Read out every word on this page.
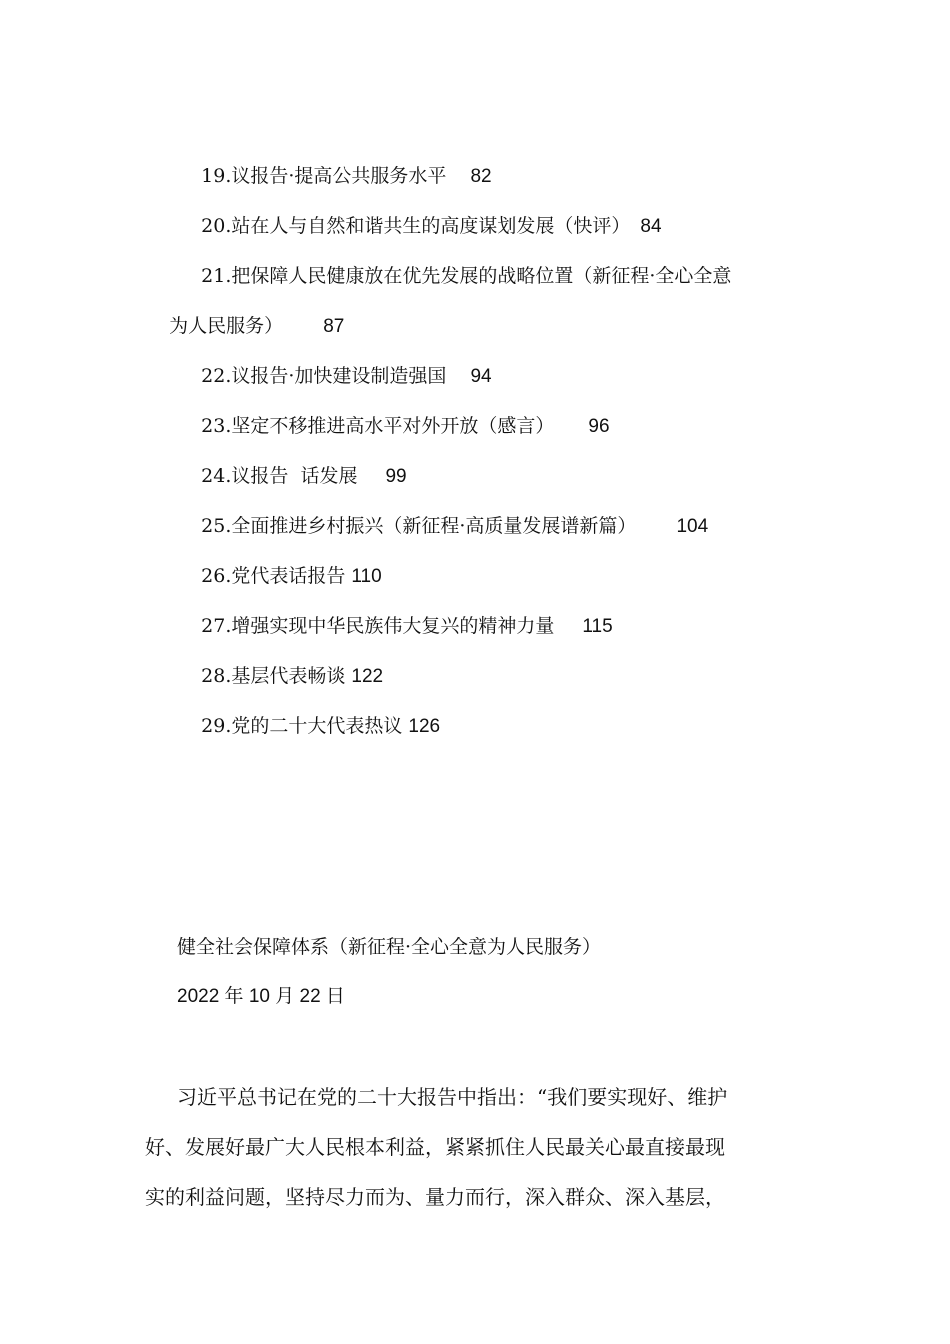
19.议报告·提高公共服务水平 82

20.站在人与自然和谐共生的高度谋划发展（快评） 84

21.把保障人民健康放在优先发展的战略位置（新征程·全心全意

为人民服务） 87

22.议报告·加快建设制造强国 94

23.坚定不移推进高水平对外开放（感言） 96

24.议报告  话发展 99

25.全面推进乡村振兴（新征程·高质量发展谱新篇） 104

26.党代表话报告 110

27.增强实现中华民族伟大复兴的精神力量 115

28.基层代表畅谈 122

29.党的二十大代表热议 126

健全社会保障体系（新征程·全心全意为人民服务）
2022 年 10 月 22 日
习近平总书记在党的二十大报告中指出：“我们要实现好、维护
好、发展好最广大人民根本利益，紧紧抓住人民最关心最直接最现
实的利益问题，坚持尽力而为、量力而行，深入群众、深入基层，
